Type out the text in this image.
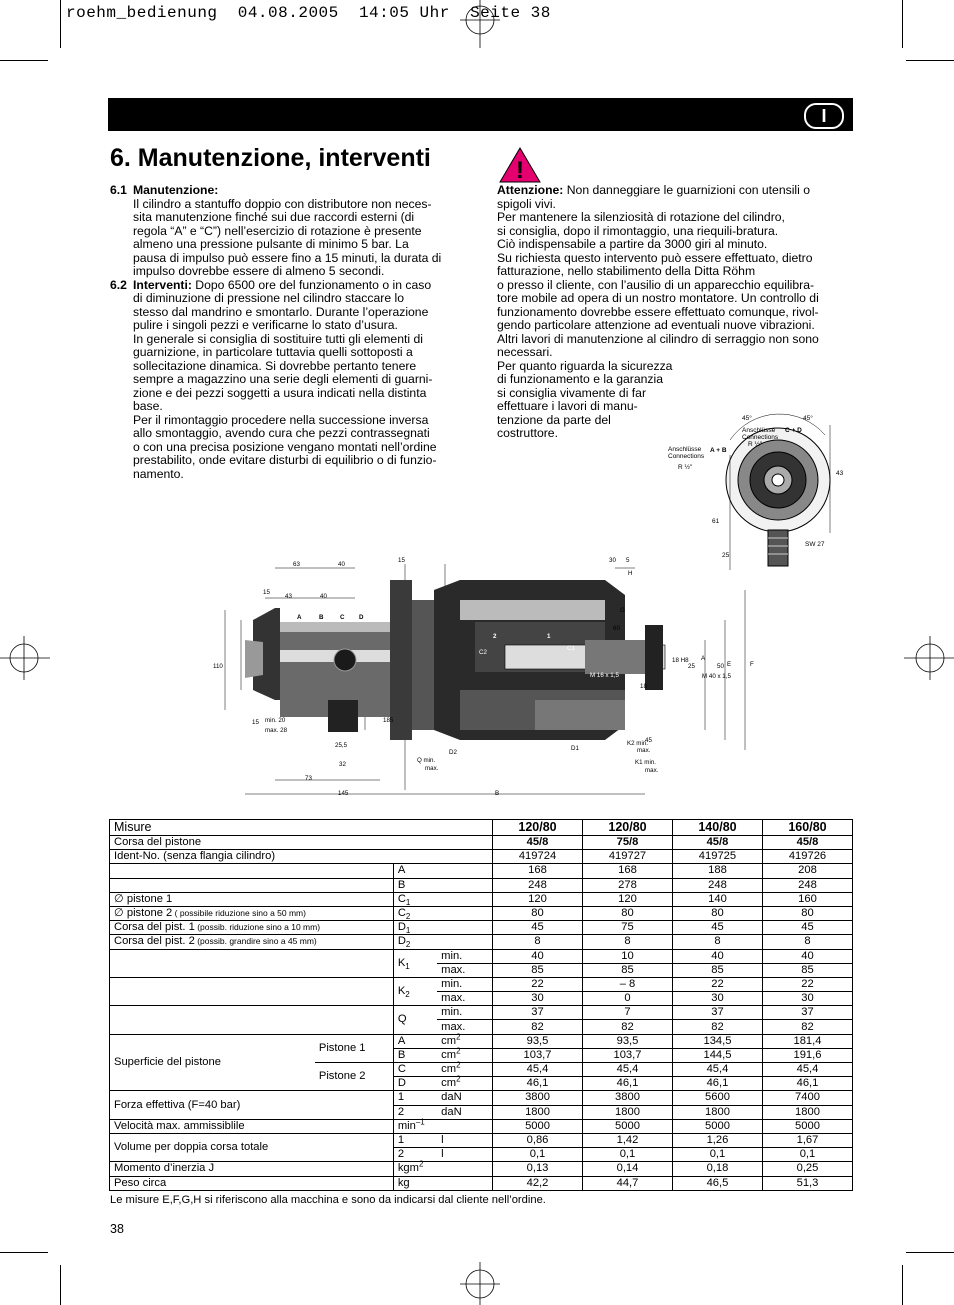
roehm_bedienung  04.08.2005  14:05 Uhr  Seite 38
I
6. Manutenzione, interventi
6.1 Manutenzione:

Il cilindro a stantuffo doppio con distributore non neces-

sita manutenzione finché sui due raccordi esterni (di

regola “A” e “C”) nell’esercizio di rotazione è presente

almeno una pressione pulsante di minimo 5 bar. La

pausa di impulso può essere fino a 15 minuti, la durata di

impulso dovrebbe essere di almeno 5 secondi.

6.2 Interventi: Dopo 6500 ore del funzionamento o in caso

di diminuzione di pressione nel cilindro staccare lo

stesso dal mandrino e smontarlo. Durante l’operazione

pulire i singoli pezzi e verificarne lo stato d’usura.

In generale si consiglia di sostituire tutti gli elementi di

guarnizione, in particolare tuttavia quelli sottoposti a

sollecitazione dinamica. Si dovrebbe pertanto tenere

sempre a magazzino una serie degli elementi di guarni-

zione e dei pezzi soggetti a usura indicati nella distinta

base.

Per il rimontaggio procedere nella successione inversa

allo smontaggio, avendo cura che pezzi contrassegnati

o con una precisa posizione vengano montati nell’ordine

prestabilito, onde evitare disturbi di equilibrio o di funzio-

namento.

!

Attenzione: Non danneggiare le guarnizioni con utensili o

spigoli vivi.

Per mantenere la silenziosità di rotazione del cilindro,

si consiglia, dopo il rimontaggio, una riequili-bratura.

Ciò indispensabile a partire da 3000 giri al minuto.

Su richiesta questo intervento può essere effettuato, dietro

fatturazione, nello stabilimento della Ditta Röhm

o presso il cliente, con l’ausilio di un apparecchio equilibra-

tore mobile ad opera di un nostro montatore. Un controllo di

funzionamento dovrebbe essere effettuato comunque, rivol-

gendo particolare attenzione ad eventuali nuove vibrazioni.

Altri lavori di manutenzione al cilindro di serraggio non sono

necessari.

Per quanto riguarda la sicurezza

di funzionamento e la garanzia

si consiglia vivamente di far

effettuare i lavori di manu-

tenzione da parte del

costruttore.

45°	45°
Anschlüsse
Connections
C + D
R ½"
Anschlüsse
Connections
A + B
R ½"
43
61
25
SW 27
63	40
15
43	40
15	30 5
H
G
60
A	B	C D
110
86
1
2
C2
C1
M 16 x 1,5
18 H8
25
M 40 x 1,5
50 E	F
A
18
45
15 min. 20
max. 28
185
25,5
32
D2
Q min.
max.
D1
K2 min.
max.
K1 min.
max.
73
145	B
Misure				120/80	120/80	140/80	160/80
Corsa del pistone				45/8	75/8	45/8	45/8
Ident-No. (senza flangia cilindro)				419724	419727	419725	419726
		A		168	168	188	208
		B		248	278	248	248
∅ pistone 1		$C_1$		120	120	140	160
∅ pistone 2 ( possibile riduzione sino a 50 mm)		$C_2$		80	80	80	80
Corsa del pist. 1 (possib. riduzione sino a 10 mm)		$D_1$		45	75	45	45
Corsa del pist. 2 (possib. grandire sino a 45 mm)		$D_2$		8	8	8	8
		$K_1$	min.	40	10	40	40
			max.	85	85	85	85
		$K_2$	min.	22	– 8	22	22
			max.	30	0	30	30
		Q	min.	37	7	37	37
			max.	82	82	82	82
Superficie del pistone	Pistone 1	A	$cm^2$	93,5	93,5	134,5	181,4
		B	$cm^2$	103,7	103,7	144,5	191,6
	Pistone 2	C	$cm^2$	45,4	45,4	45,4	45,4
		D	$cm^2$	46,1	46,1	46,1	46,1
Forza effettiva (F=40 bar)		1	daN	3800	3800	5600	7400
		2	daN	1800	1800	1800	1800
Velocità max. ammissiblile		$\min^{-1}$		5000	5000	5000	5000
Volume per doppia corsa totale		1	l	0,86	1,42	1,26	1,67
		2	l	0,1	0,1	0,1	0,1
Momento d’inerzia J		kgm$^2$		0,13	0,14	0,18	0,25
Peso circa		kg		42,2	44,7	46,5	51,3
Le misure E,F,G,H si riferiscono alla macchina e sono da indicarsi dal cliente nell’ordine.
38
